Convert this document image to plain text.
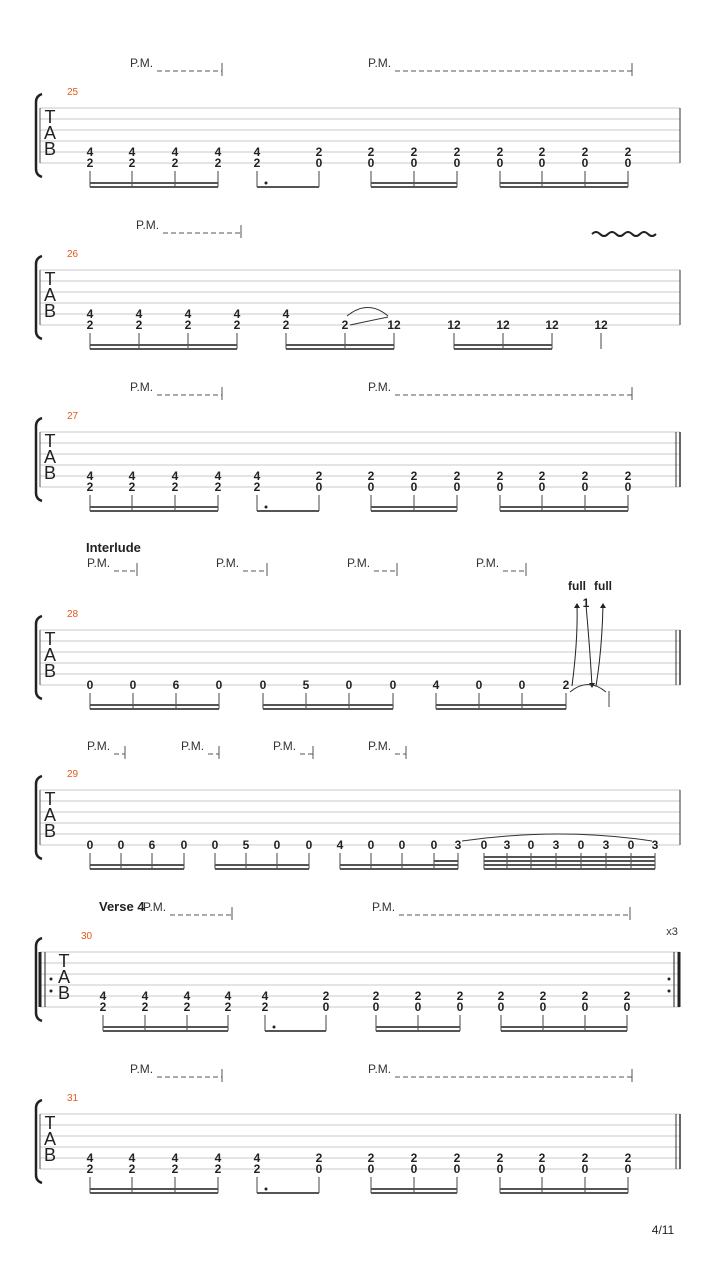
T
A
B
25
P.M.	P.M.
4
2
4
2
4
2
4
2
4
2
2
0
2
0
2
0
2
0
2
0
2
0
2
0
2
0
T
A
B
26
P.M.
4
2
4
2
4
2
4
2
4
2	2	12	12	12	12	12
T
A
B
27
P.M.	P.M.
4
2
4
2
4
2
4
2
4
2
2
0
2
0
2
0
2
0
2
0
2
0
2
0
2
0
T
A
B
28
Interlude
P.M.	P.M.	P.M.	P.M.
0	0	6	0	0	5	0	0	4	0	0	2
full full
1
T
A
B
29
P.M.	P.M.	P.M.	P.M.
0 0 6 0 0 5 0 0 4 0 0 0 3 0 3 0 3 0 3 0 3
x3
T
A
B
30
Verse 4
P.M.	P.M.
4
2
4
2
4
2
4
2
4
2
2
0
2
0
2
0
2
0
2
0
2
0
2
0
2
0
T
A
B
31
P.M.	P.M.
4
2
4
2
4
2
4
2
4
2
2
0
2
0
2
0
2
0
2
0
2
0
2
0
2
0
4/11
